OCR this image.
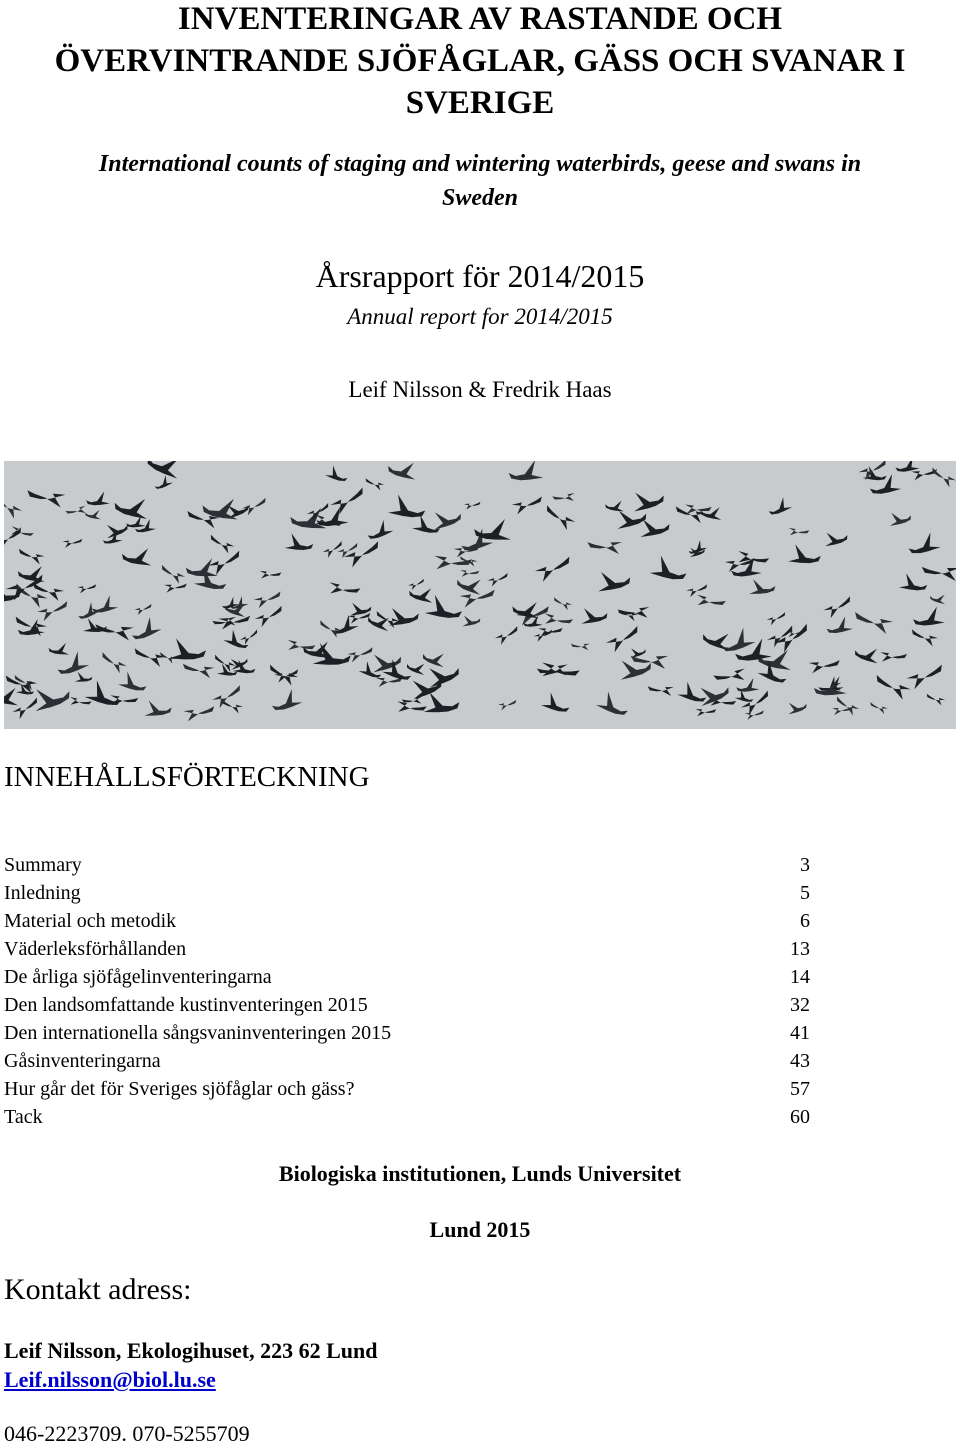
INVENTERINGAR AV RASTANDE OCH
ÖVERVINTRANDE SJÖFÅGLAR, GÄSS OCH SVANAR I
SVERIGE
International counts of staging and wintering waterbirds, geese and swans in
Sweden
Årsrapport för 2014/2015
Annual report for 2014/2015
Leif Nilsson & Fredrik Haas
INNEHÅLLSFÖRTECKNING
Summary	3
Inledning	5
Material och metodik	6
Väderleksförhållanden	13
De årliga sjöfågelinventeringarna	14
Den landsomfattande kustinventeringen 2015	32
Den internationella sångsvaninventeringen 2015	41
Gåsinventeringarna	43
Hur går det för Sveriges sjöfåglar och gäss?	57
Tack	60
Biologiska institutionen, Lunds Universitet
Lund 2015
Kontakt adress:
Leif Nilsson, Ekologihuset, 223 62 Lund
Leif.nilsson@biol.lu.se
046-2223709. 070-5255709
